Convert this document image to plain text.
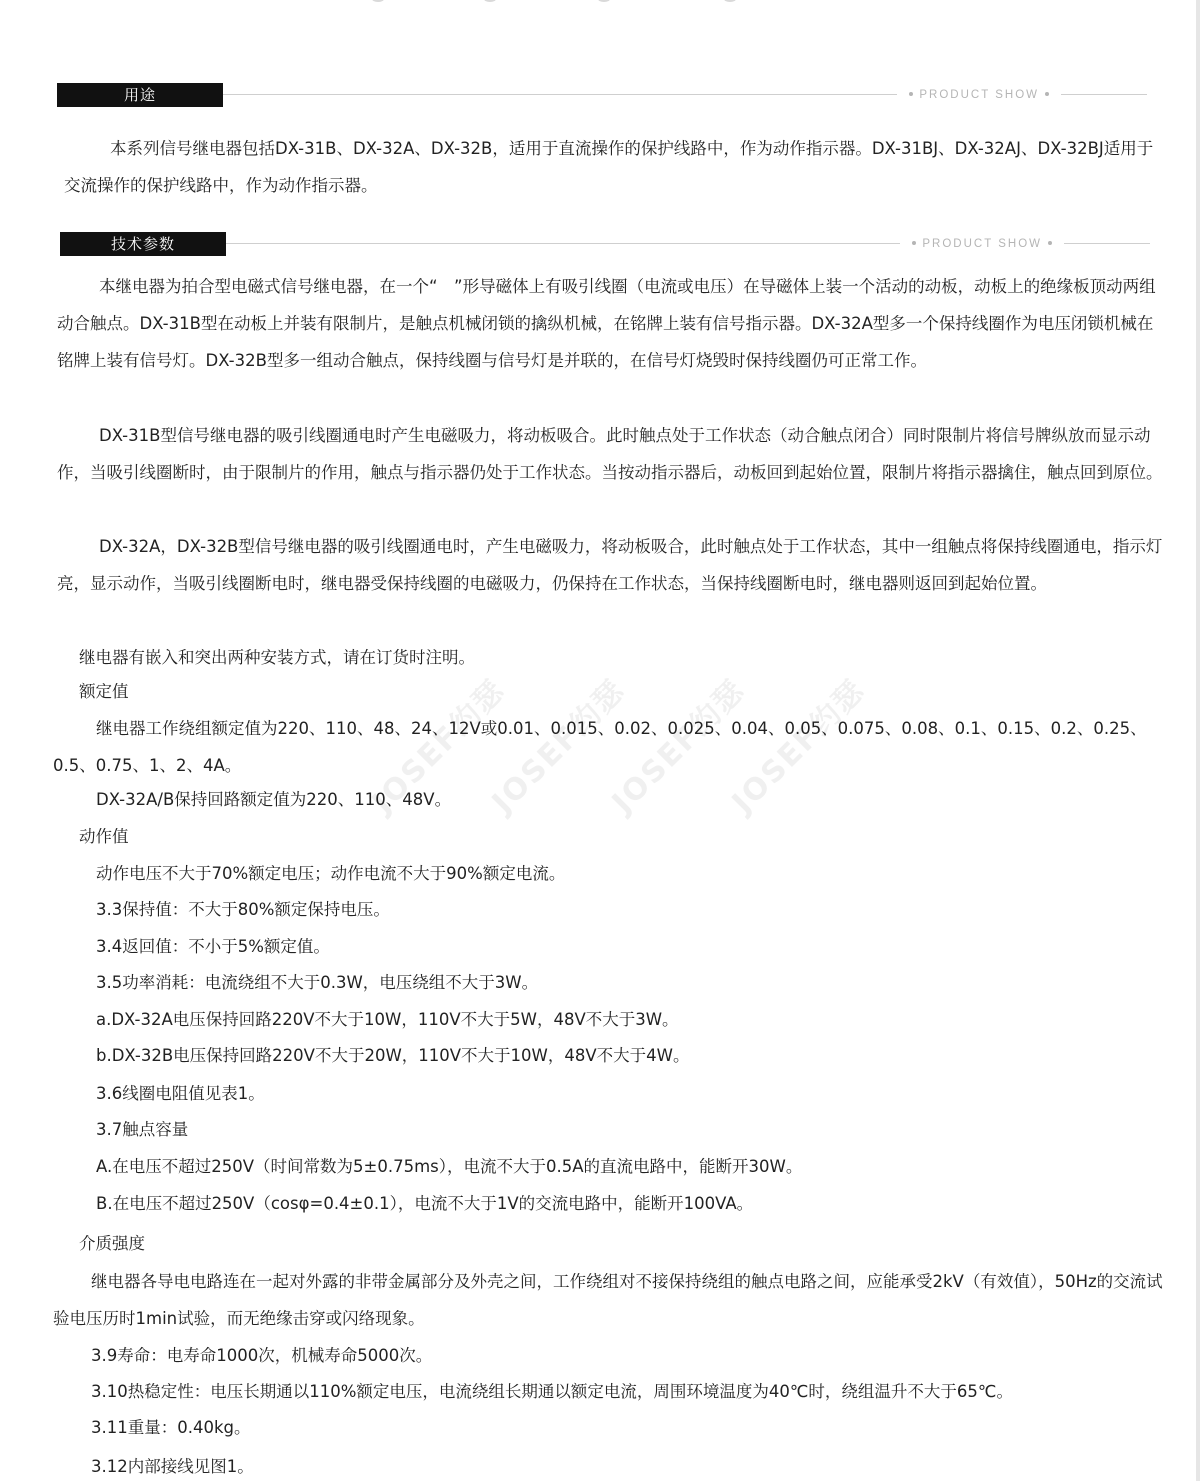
用途	PRODUCT SHOW

本系列信号继电器包括DX-31B、DX-32A、DX-32B，适用于直流操作的保护线路中，作为动作指示器。DX-31BJ、DX-32AJ、DX-32BJ适用于交流操作的保护线路中，作为动作指示器。

技术参数	PRODUCT SHOW

本继电器为拍合型电磁式信号继电器，在一个“　”形导磁体上有吸引线圈（电流或电压）在导磁体上装一个活动的动板，动板上的绝缘板顶动两组动合触点。DX-31B型在动板上并装有限制片，是触点机械闭锁的擒纵机械，在铭牌上装有信号指示器。DX-32A型多一个保持线圈作为电压闭锁机械在铭牌上装有信号灯。DX-32B型多一组动合触点，保持线圈与信号灯是并联的，在信号灯烧毁时保持线圈仍可正常工作。

DX-31B型信号继电器的吸引线圈通电时产生电磁吸力，将动板吸合。此时触点处于工作状态（动合触点闭合）同时限制片将信号牌纵放而显示动作，当吸引线圈断时，由于限制片的作用，触点与指示器仍处于工作状态。当按动指示器后，动板回到起始位置，限制片将指示器擒住，触点回到原位。

DX-32A，DX-32B型信号继电器的吸引线圈通电时，产生电磁吸力，将动板吸合，此时触点处于工作状态，其中一组触点将保持线圈通电，指示灯亮，显示动作，当吸引线圈断电时，继电器受保持线圈的电磁吸力，仍保持在工作状态，当保持线圈断电时，继电器则返回到起始位置。

继电器有嵌入和突出两种安装方式，请在订货时注明。

额定值

继电器工作绕组额定值为220、110、48、24、12V或0.01、0.015、0.02、0.025、0.04、0.05、0.075、0.08、0.1、0.15、0.2、0.25、0.5、0.75、1、2、4A。

DX-32A/B保持回路额定值为220、110、48V。

动作值

动作电压不大于70%额定电压；动作电流不大于90%额定电流。

3.3保持值：不大于80%额定保持电压。

3.4返回值：不小于5%额定值。

3.5功率消耗：电流绕组不大于0.3W，电压绕组不大于3W。

a.DX-32A电压保持回路220V不大于10W，110V不大于5W，48V不大于3W。

b.DX-32B电压保持回路220V不大于20W，110V不大于10W，48V不大于4W。

3.6线圈电阻值见表1。

3.7触点容量

A.在电压不超过250V（时间常数为5±0.75ms），电流不大于0.5A的直流电路中，能断开30W。

B.在电压不超过250V（cosφ=0.4±0.1），电流不大于1V的交流电路中，能断开100VA。

介质强度

继电器各导电电路连在一起对外露的非带金属部分及外壳之间，工作绕组对不接保持绕组的触点电路之间，应能承受2kV（有效值），50Hz的交流试验电压历时1min试验，而无绝缘击穿或闪络现象。

3.9寿命：电寿命1000次，机械寿命5000次。

3.10热稳定性：电压长期通以110%额定电压，电流绕组长期通以额定电流，周围环境温度为40℃时，绕组温升不大于65℃。

3.11重量：0.40kg。

3.12内部接线见图1。

JOSEF约瑟
JOSEF约瑟
JOSEF约瑟
JOSEF约瑟
